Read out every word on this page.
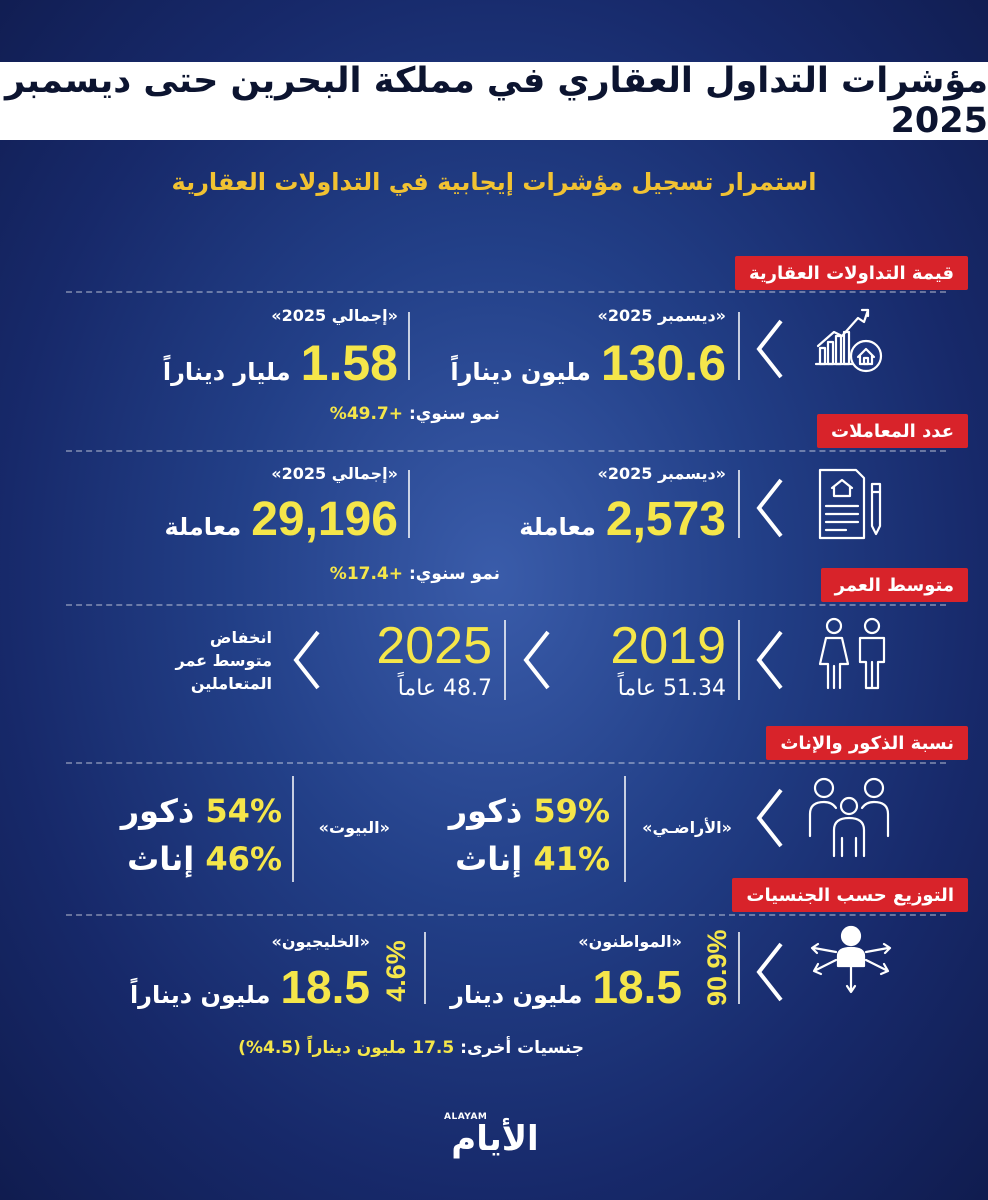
مؤشرات التداول العقاري في مملكة البحرين حتى ديسمبر 2025
استمرار تسجيل مؤشرات إيجابية في التداولات العقارية
قيمة التداولات العقارية
«ديسمبر 2025»
130.6
مليون ديناراً
«إجمالي 2025»
1.58
مليار ديناراً
نمو سنوي: +49.7%
عدد المعاملات
«ديسمبر 2025»
2,573
معاملة
«إجمالي 2025»
29,196
معاملة
نمو سنوي: +17.4%
متوسط العمر
2019
51.34 عاماً
2025
48.7 عاماً
انخفاض
متوسط عمر
المتعاملين
نسبة الذكور والإناث
«الأراضـي»
59% ذكور
41% إناث
«البيوت»
54% ذكور
46% إناث
التوزيع حسب الجنسيات
90.9%
«المواطنون»
18.5
مليون دينار
4.6%
«الخليجيون»
18.5
مليون ديناراً
جنسيات أخرى: 17.5 مليون ديناراً (4.5%)
ALAYAM
الأيام
